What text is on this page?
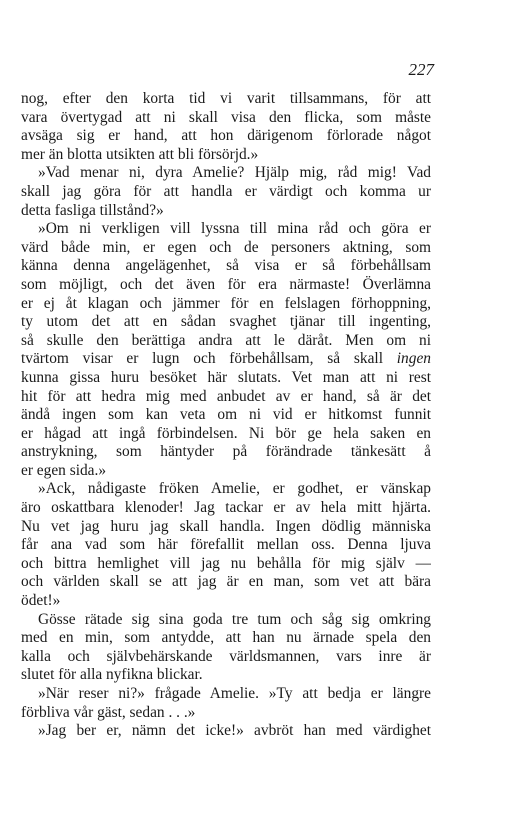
227
nog, efter den korta tid vi varit tillsammans, för att
vara övertygad att ni skall visa den flicka, som måste
avsäga sig er hand, att hon därigenom förlorade något
mer än blotta utsikten att bli försörjd.»
»Vad menar ni, dyra Amelie? Hjälp mig, råd mig! Vad
skall jag göra för att handla er värdigt och komma ur
detta fasliga tillstånd?»
»Om ni verkligen vill lyssna till mina råd och göra er
värd både min, er egen och de personers aktning, som
känna denna angelägenhet, så visa er så förbehållsam
som möjligt, och det även för era närmaste! Överlämna
er ej åt klagan och jämmer för en felslagen förhoppning,
ty utom det att en sådan svaghet tjänar till ingenting,
så skulle den berättiga andra att le däråt. Men om ni
tvärtom visar er lugn och förbehållsam, så skall ingen
kunna gissa huru besöket här slutats. Vet man att ni rest
hit för att hedra mig med anbudet av er hand, så är det
ändå ingen som kan veta om ni vid er hitkomst funnit
er hågad att ingå förbindelsen. Ni bör ge hela saken en
anstrykning, som häntyder på förändrade tänkesätt å
er egen sida.»
»Ack, nådigaste fröken Amelie, er godhet, er vänskap
äro oskattbara klenoder! Jag tackar er av hela mitt hjärta.
Nu vet jag huru jag skall handla. Ingen dödlig människa
får ana vad som här förefallit mellan oss. Denna ljuva
och bittra hemlighet vill jag nu behålla för mig själv —
och världen skall se att jag är en man, som vet att bära
ödet!»
Gösse rätade sig sina goda tre tum och såg sig omkring
med en min, som antydde, att han nu ärnade spela den
kalla och självbehärskande världsmannen, vars inre är
slutet för alla nyfikna blickar.
»När reser ni?» frågade Amelie. »Ty att bedja er längre
förbliva vår gäst, sedan . . .»
»Jag ber er, nämn det icke!» avbröt han med värdighet
